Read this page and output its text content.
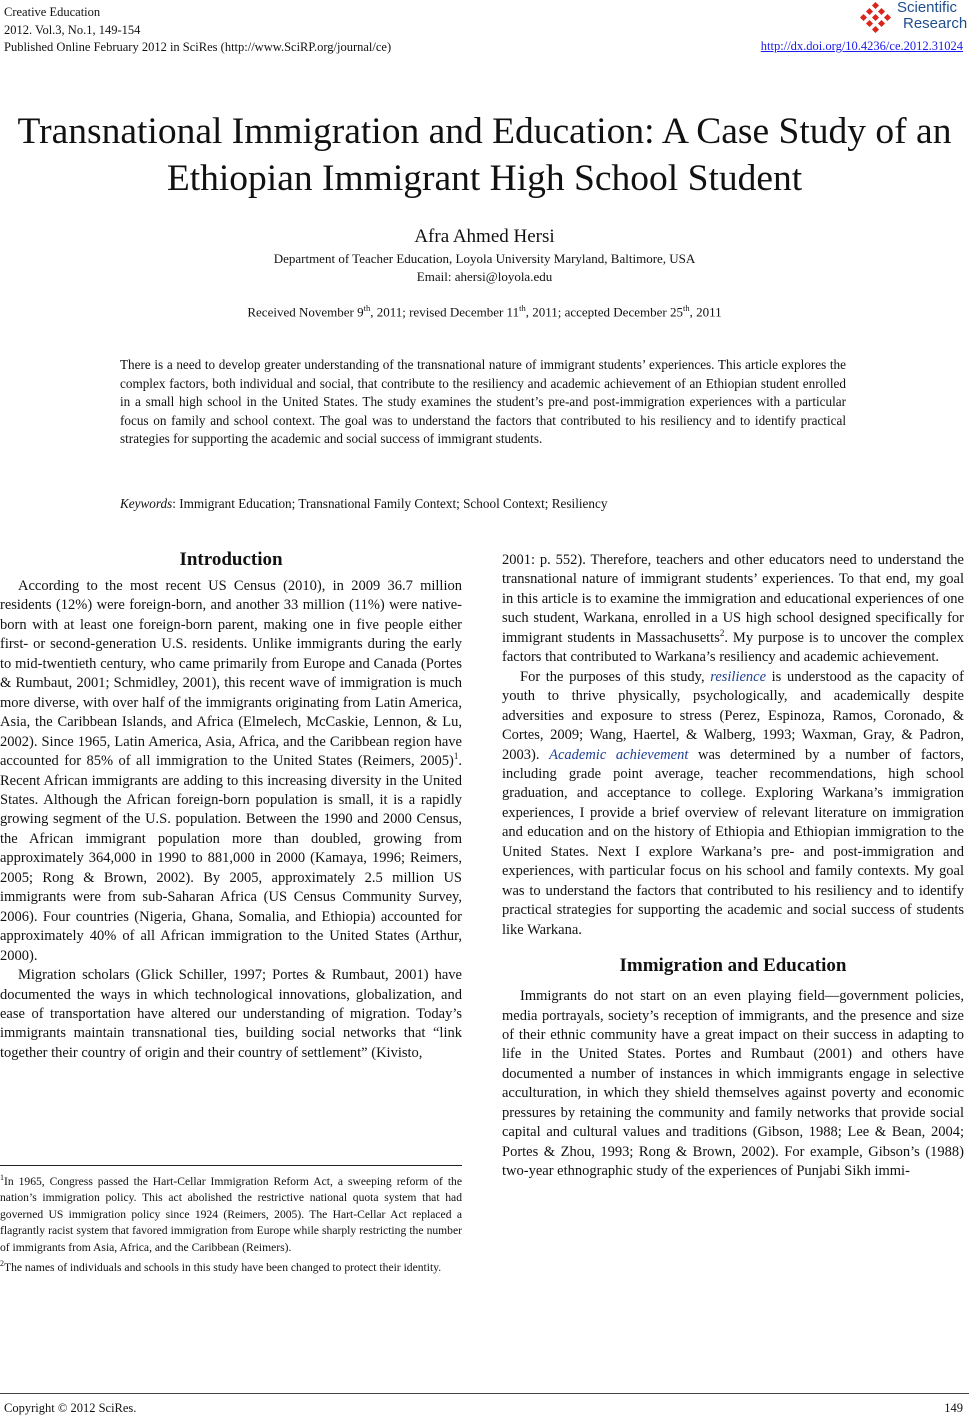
Creative Education
2012. Vol.3, No.1, 149-154
Published Online February 2012 in SciRes (http://www.SciRP.org/journal/ce)
Scientific
Research
http://dx.doi.org/10.4236/ce.2012.31024
Transnational Immigration and Education: A Case Study of an
Ethiopian Immigrant High School Student
Afra Ahmed Hersi
Department of Teacher Education, Loyola University Maryland, Baltimore, USA
Email: ahersi@loyola.edu
Received November 9th, 2011; revised December 11th, 2011; accepted December 25th, 2011
There is a need to develop greater understanding of the transnational nature of immigrant students’ experiences. This article explores the complex factors, both individual and social, that contribute to the resiliency and academic achievement of an Ethiopian student enrolled in a small high school in the United States. The study examines the student’s pre-and post-immigration experiences with a particular focus on family and school context. The goal was to understand the factors that contributed to his resiliency and to identify practical strategies for supporting the academic and social success of immigrant students.
Keywords: Immigrant Education; Transnational Family Context; School Context; Resiliency
Introduction

According to the most recent US Census (2010), in 2009 36.7 million residents (12%) were foreign-born, and another 33 million (11%) were native-born with at least one foreign-born parent, making one in five people either first- or second-generation U.S. residents. Unlike immigrants during the early to mid-twentieth century, who came primarily from Europe and Canada (Portes & Rumbaut, 2001; Schmidley, 2001), this recent wave of immigration is much more diverse, with over half of the immigrants originating from Latin America, Asia, the Caribbean Islands, and Africa (Elmelech, McCaskie, Lennon, & Lu, 2002). Since 1965, Latin America, Asia, Africa, and the Caribbean region have accounted for 85% of all immigration to the United States (Reimers, 2005)$^1$. Recent African immigrants are adding to this increasing diversity in the United States. Although the African foreign-born population is small, it is a rapidly growing segment of the U.S. population. Between the 1990 and 2000 Census, the African immigrant population more than doubled, growing from approximately 364,000 in 1990 to 881,000 in 2000 (Kamaya, 1996; Reimers, 2005; Rong & Brown, 2002). By 2005, approximately 2.5 million US immigrants were from sub-Saharan Africa (US Census Community Survey, 2006). Four countries (Nigeria, Ghana, Somalia, and Ethiopia) accounted for approximately 40% of all African immigration to the United States (Arthur, 2000).

Migration scholars (Glick Schiller, 1997; Portes & Rumbaut, 2001) have documented the ways in which technological innovations, globalization, and ease of transportation have altered our understanding of migration. Today’s immigrants maintain transnational ties, building social networks that “link together their country of origin and their country of settlement” (Kivisto,

$^1$In 1965, Congress passed the Hart-Cellar Immigration Reform Act, a sweeping reform of the nation’s immigration policy. This act abolished the restrictive national quota system that had governed US immigration policy since 1924 (Reimers, 2005). The Hart-Cellar Act replaced a flagrantly racist system that favored immigration from Europe while sharply restricting the number of immigrants from Asia, Africa, and the Caribbean (Reimers).
$^2$The names of individuals and schools in this study have been changed to protect their identity.

2001: p. 552). Therefore, teachers and other educators need to understand the transnational nature of immigrant students’ experiences. To that end, my goal in this article is to examine the immigration and educational experiences of one such student, Warkana, enrolled in a US high school designed specifically for immigrant students in Massachusetts$^2$. My purpose is to uncover the complex factors that contributed to Warkana’s resiliency and academic achievement.

For the purposes of this study, resilience is understood as the capacity of youth to thrive physically, psychologically, and academically despite adversities and exposure to stress (Perez, Espinoza, Ramos, Coronado, & Cortes, 2009; Wang, Haertel, & Walberg, 1993; Waxman, Gray, & Padron, 2003). Academic achievement was determined by a number of factors, including grade point average, teacher recommendations, high school graduation, and acceptance to college. Exploring Warkana’s immigration experiences, I provide a brief overview of relevant literature on immigration and education and on the history of Ethiopia and Ethiopian immigration to the United States. Next I explore Warkana’s pre- and post-immigration and experiences, with particular focus on his school and family contexts. My goal was to understand the factors that contributed to his resiliency and to identify practical strategies for supporting the academic and social success of students like Warkana.

Immigration and Education

Immigrants do not start on an even playing field—government policies, media portrayals, society’s reception of immigrants, and the presence and size of their ethnic community have a great impact on their success in adapting to life in the United States. Portes and Rumbaut (2001) and others have documented a number of instances in which immigrants engage in selective acculturation, in which they shield themselves against poverty and economic pressures by retaining the community and family networks that provide social capital and cultural values and traditions (Gibson, 1988; Lee & Bean, 2004; Portes & Zhou, 1993; Rong & Brown, 2002). For example, Gibson’s (1988) two-year ethnographic study of the experiences of Punjabi Sikh immi-

Copyright © 2012 SciRes.	149
